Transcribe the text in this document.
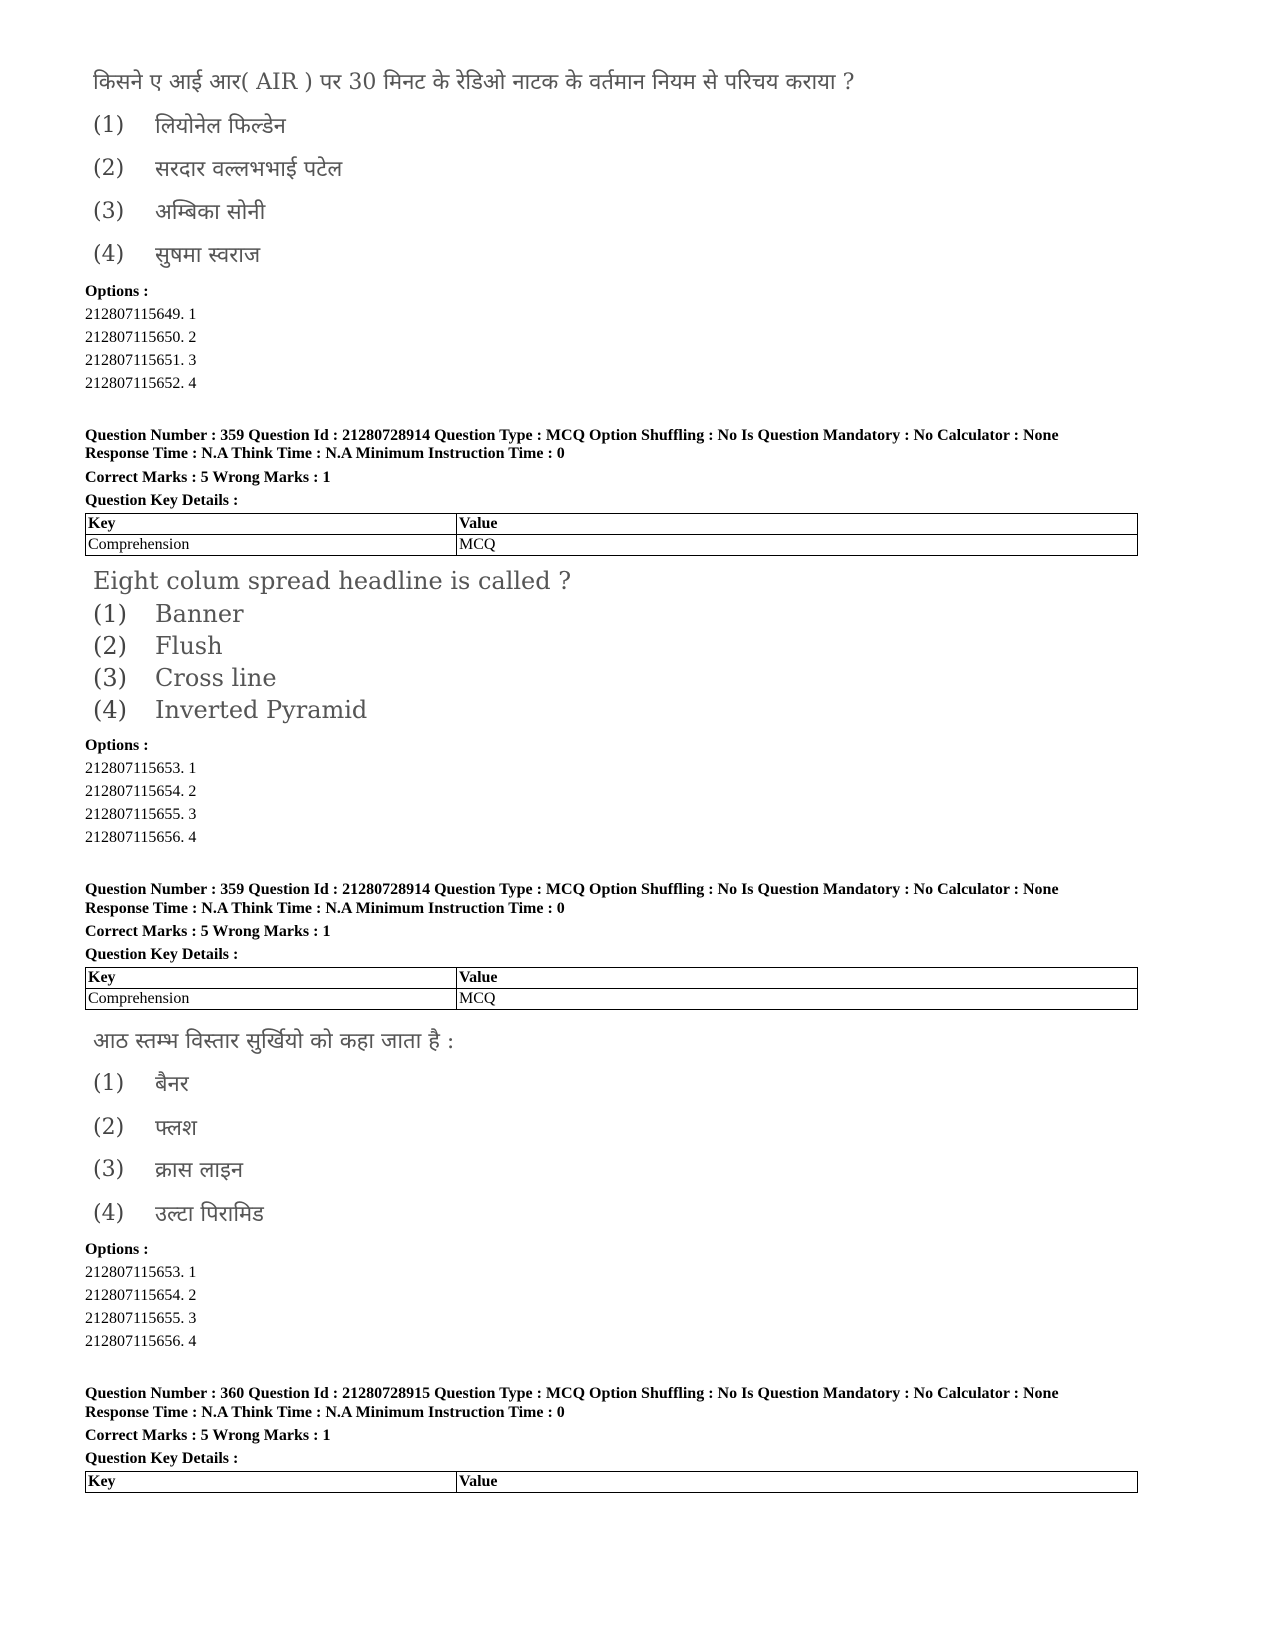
किसने ए आई आर( AIR ) पर 30 मिनट के रेडिओ नाटक के वर्तमान नियम से परिचय कराया ?
(1) लियोनेल फिल्डेन
(2) सरदार वल्लभभाई पटेल
(3) अम्बिका सोनी
(4) सुषमा स्वराज
Options :
212807115649. 1
212807115650. 2
212807115651. 3
212807115652. 4
Question Number : 359 Question Id : 21280728914 Question Type : MCQ Option Shuffling : No Is Question Mandatory : No Calculator : None
Response Time : N.A Think Time : N.A Minimum Instruction Time : 0
Correct Marks : 5 Wrong Marks : 1
Question Key Details :
Key	Value
Comprehension	MCQ
Eight colum spread headline is called ?
(1) Banner
(2) Flush
(3) Cross line
(4) Inverted Pyramid
Options :
212807115653. 1
212807115654. 2
212807115655. 3
212807115656. 4
Question Number : 359 Question Id : 21280728914 Question Type : MCQ Option Shuffling : No Is Question Mandatory : No Calculator : None
Response Time : N.A Think Time : N.A Minimum Instruction Time : 0
Correct Marks : 5 Wrong Marks : 1
Question Key Details :
Key	Value
Comprehension	MCQ
आठ स्तम्भ विस्तार सुर्खियो को कहा जाता है :
(1) बैनर
(2) फ्लश
(3) क्रास लाइन
(4) उल्टा पिरामिड
Options :
212807115653. 1
212807115654. 2
212807115655. 3
212807115656. 4
Question Number : 360 Question Id : 21280728915 Question Type : MCQ Option Shuffling : No Is Question Mandatory : No Calculator : None
Response Time : N.A Think Time : N.A Minimum Instruction Time : 0
Correct Marks : 5 Wrong Marks : 1
Question Key Details :
Key	Value
